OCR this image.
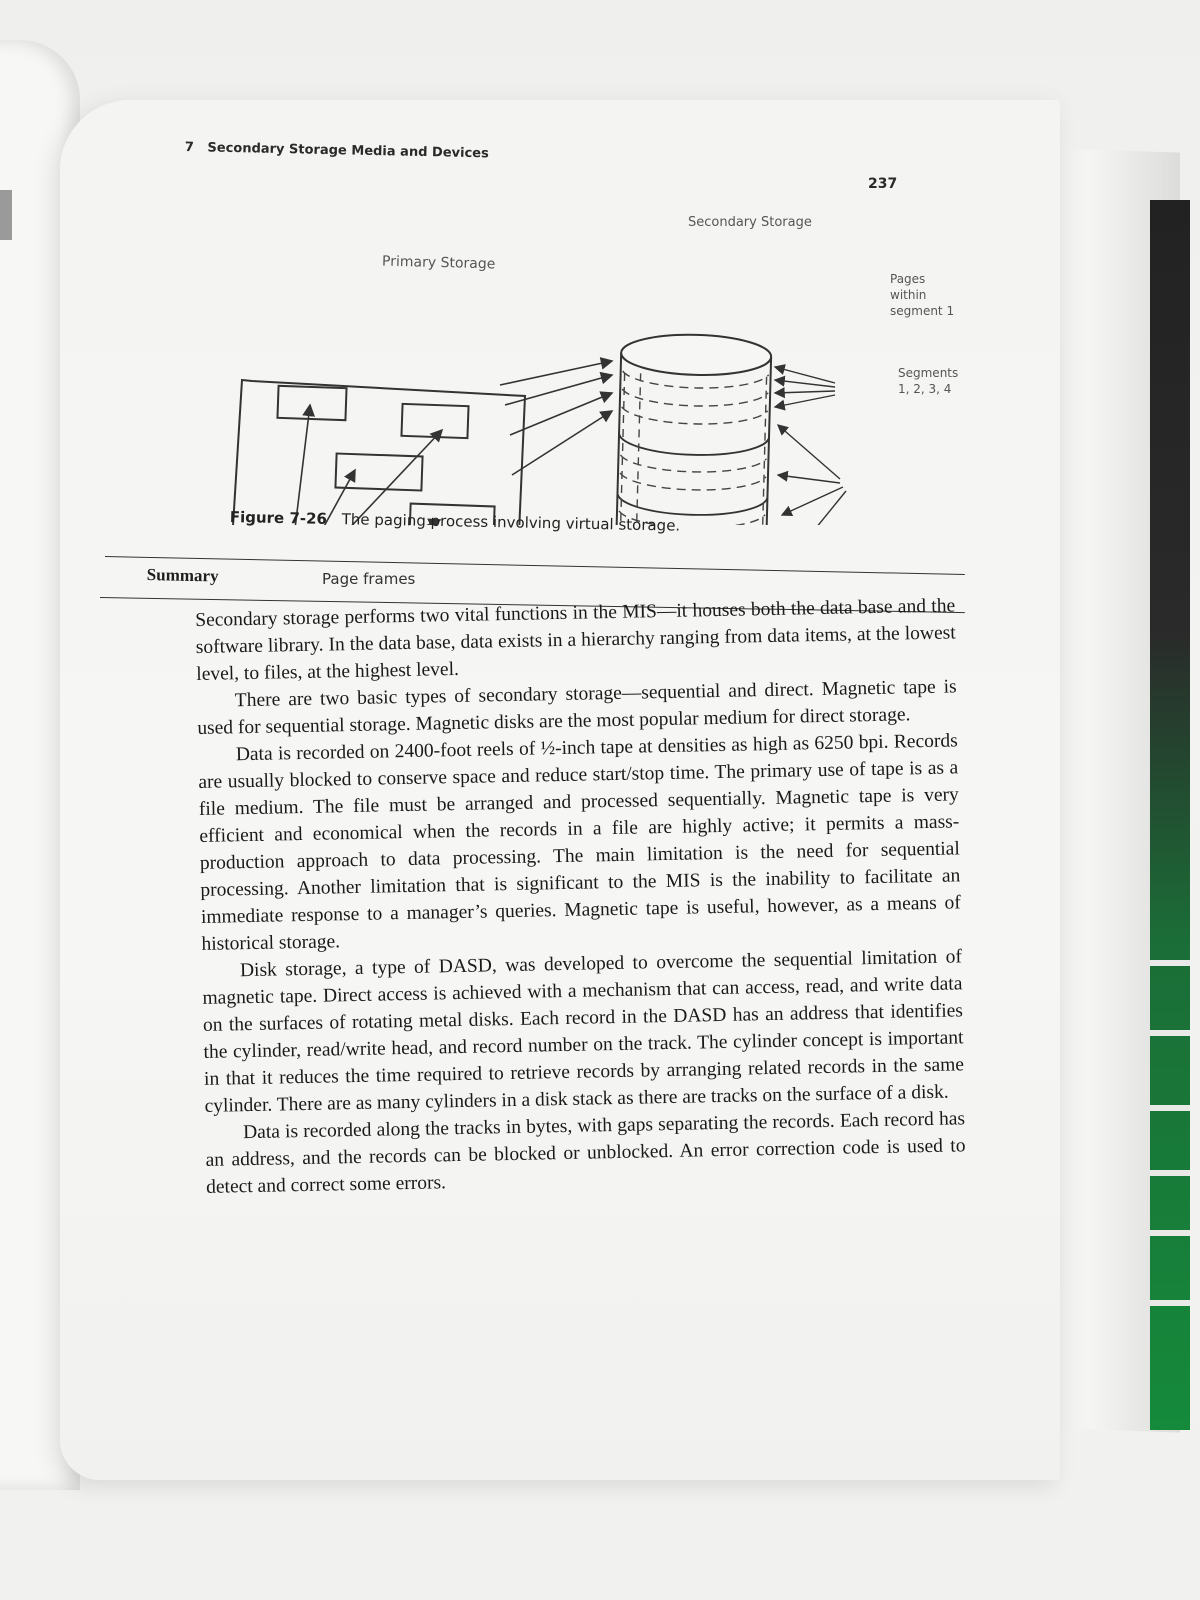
7 Secondary Storage Media and Devices
237
Secondary Storage
Primary Storage
Pages
within
segment 1
Segments
1, 2, 3, 4
Page frames
Figure 7-26 The paging process involving virtual storage.
Summary

Secondary storage performs two vital functions in the MIS—it houses both the data base and the software library. In the data base, data exists in a hierarchy ranging from data items, at the lowest level, to files, at the highest level.

There are two basic types of secondary storage—sequential and direct. Magnetic tape is used for sequential storage. Magnetic disks are the most popular medium for direct storage.

Data is recorded on 2400-foot reels of ½-inch tape at densities as high as 6250 bpi. Records are usually blocked to conserve space and reduce start/stop time. The primary use of tape is as a file medium. The file must be arranged and processed sequentially. Magnetic tape is very efficient and economical when the records in a file are highly active; it permits a mass-production approach to data processing. The main limitation is the need for sequential processing. Another limitation that is significant to the MIS is the inability to facilitate an immediate response to a manager’s queries. Magnetic tape is useful, however, as a means of historical storage.

Disk storage, a type of DASD, was developed to overcome the sequential limitation of magnetic tape. Direct access is achieved with a mechanism that can access, read, and write data on the surfaces of rotating metal disks. Each record in the DASD has an address that identifies the cylinder, read/write head, and record number on the track. The cylinder concept is important in that it reduces the time required to retrieve records by arranging related records in the same cylinder. There are as many cylinders in a disk stack as there are tracks on the surface of a disk.

Data is recorded along the tracks in bytes, with gaps separating the records. Each record has an address, and the records can be blocked or unblocked. An error correction code is used to detect and correct some errors.
